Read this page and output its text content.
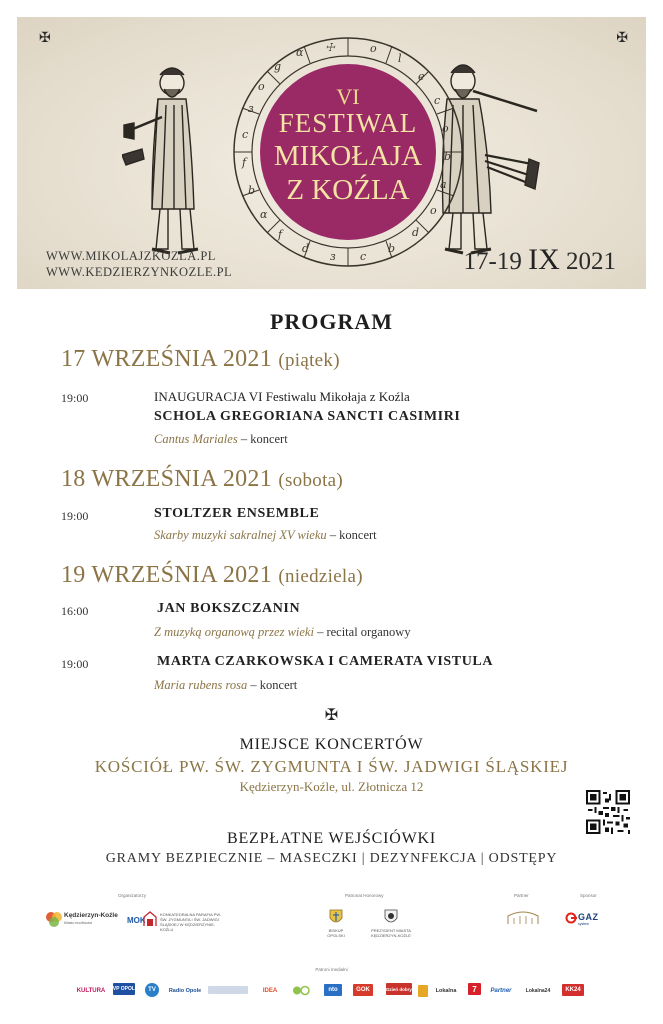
✠	✠
☩	o
l
e
c
o
b
a
o
d
b
c
ɜ
d
f
ɑ
b
f
c
ɜ
o
g
ɑ
VI
FESTIWAL
MIKOŁAJA
Z KOŹLA
WWW.MIKOLAJZKOZLA.PL
WWW.KEDZIERZYNKOZLE.PL	17-19 IX 2021
PROGRAM
17 WRZEŚNIA 2021 (piątek)
19:00	INAUGURACJA VI Festiwalu Mikołaja z Koźla
SCHOLA GREGORIANA SANCTI CASIMIRI
Cantus Mariales – koncert
18 WRZEŚNIA 2021 (sobota)
19:00	STOLTZER ENSEMBLE
Skarby muzyki sakralnej XV wieku – koncert
19 WRZEŚNIA 2021 (niedziela)
16:00	JAN BOKSZCZANIN
Z muzyką organową przez wieki – recital organowy
19:00	MARTA CZARKOWSKA I CAMERATA VISTULA
Maria rubens rosa – koncert
✠
MIEJSCE KONCERTÓW
KOŚCIÓŁ PW. ŚW. ZYGMUNTA I ŚW. JADWIGI ŚLĄSKIEJ
Kędzierzyn-Koźle, ul. Złotnicza 12
BEZPŁATNE WEJŚCIÓWKI
GRAMY BEZPIECZNIE – MASECZKI | DEZYNFEKCJA | ODSTĘPY
Organizatorzy	Patronat Honorowy	Partner	Sponsor
Kędzierzyn-Koźle
Miasto możliwości	MOK
KONKATEDRALNA PARAFIA PW. ŚW. ZYGMUNTA I ŚW. JADWIGI ŚLĄSKIEJ W KĘDZIERZYNIE-KOŹLU	BISKUP
OPOLSKI
PREZYDENT MIASTA
KĘDZIERZYN-KOŹLE
GAZ
system
Patroni medialni
KULTURA TVP OPOLE	TV	Radio Opole	IDEA	nto	GOK	Dzień dobry	Lokalna	7	Partner	Lokalna24	KK24
